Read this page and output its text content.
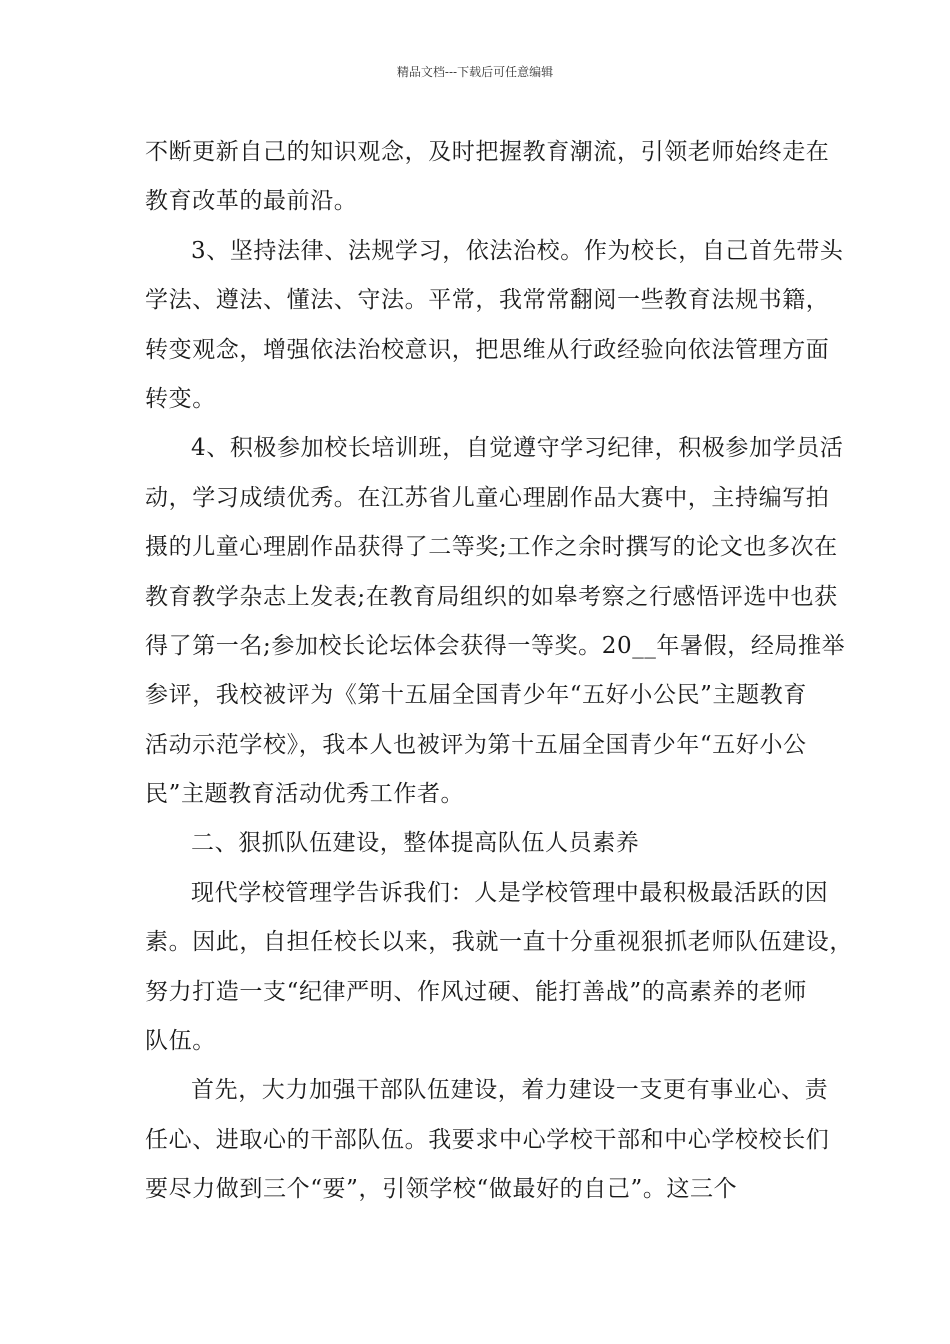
精品文档---下载后可任意编辑
不断更新自己的知识观念，及时把握教育潮流，引领老师始终走在
教育改革的最前沿。
3、坚持法律、法规学习，依法治校。作为校长，自己首先带头
学法、遵法、懂法、守法。平常，我常常翻阅一些教育法规书籍，
转变观念，增强依法治校意识，把思维从行政经验向依法管理方面
转变。
4、积极参加校长培训班，自觉遵守学习纪律，积极参加学员活
动，学习成绩优秀。在江苏省儿童心理剧作品大赛中，主持编写拍
摄的儿童心理剧作品获得了二等奖;工作之余时撰写的论文也多次在
教育教学杂志上发表;在教育局组织的如皋考察之行感悟评选中也获
得了第一名;参加校长论坛体会获得一等奖。20__年暑假，经局推举
参评，我校被评为《第十五届全国青少年“五好小公民”主题教育
活动示范学校》，我本人也被评为第十五届全国青少年“五好小公
民”主题教育活动优秀工作者。
二、狠抓队伍建设，整体提高队伍人员素养
现代学校管理学告诉我们：人是学校管理中最积极最活跃的因
素。因此，自担任校长以来，我就一直十分重视狠抓老师队伍建设，
努力打造一支“纪律严明、作风过硬、能打善战”的高素养的老师
队伍。
首先，大力加强干部队伍建设，着力建设一支更有事业心、责
任心、进取心的干部队伍。我要求中心学校干部和中心学校校长们
要尽力做到三个“要”，引领学校“做最好的自己”。这三个
